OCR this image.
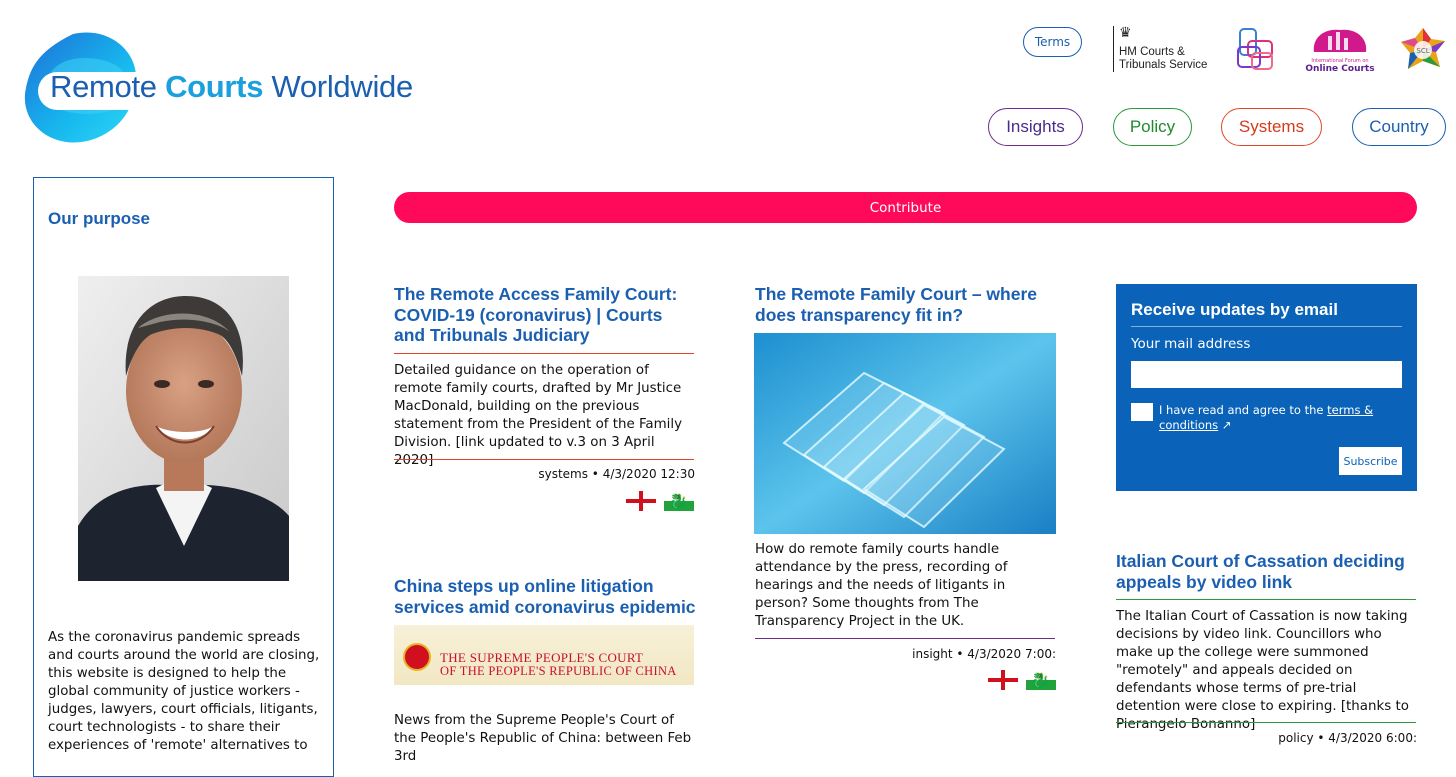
Remote Courts Worldwide
Terms
♛
HM Courts &
Tribunals Service	International Forum on
Online Courts
SCL
Insights	Policy	Systems	Country
Our purpose
As the coronavirus pandemic spreads and courts around the world are closing, this website is designed to help the global community of justice workers - judges, lawyers, court officials, litigants, court technologists - to share their experiences of 'remote' alternatives to
Contribute
The Remote Access Family Court: COVID-19 (coronavirus) | Courts and Tribunals Judiciary
Detailed guidance on the operation of remote family courts, drafted by Mr Justice MacDonald, building on the previous statement from the President of the Family Division. [link updated to v.3 on 3 April 2020]
systems • 4/3/2020 12:30
🐉
The Remote Family Court – where does transparency fit in?
How do remote family courts handle attendance by the press, recording of hearings and the needs of litigants in person? Some thoughts from The Transparency Project in the UK.
insight • 4/3/2020 7:00:
🐉
China steps up online litigation services amid coronavirus epidemic
THE SUPREME PEOPLE'S COURT
OF THE PEOPLE'S REPUBLIC OF CHINA
News from the Supreme People's Court of the People's Republic of China: between Feb 3rd
Receive updates by email
Your mail address
I have read and agree to the terms & conditions ↗
Subscribe
Italian Court of Cassation deciding appeals by video link
The Italian Court of Cassation is now taking decisions by video link. Councillors who make up the college were summoned "remotely" and appeals decided on defendants whose terms of pre-trial detention were close to expiring. [thanks to Pierangelo Bonanno]
policy • 4/3/2020 6:00:
